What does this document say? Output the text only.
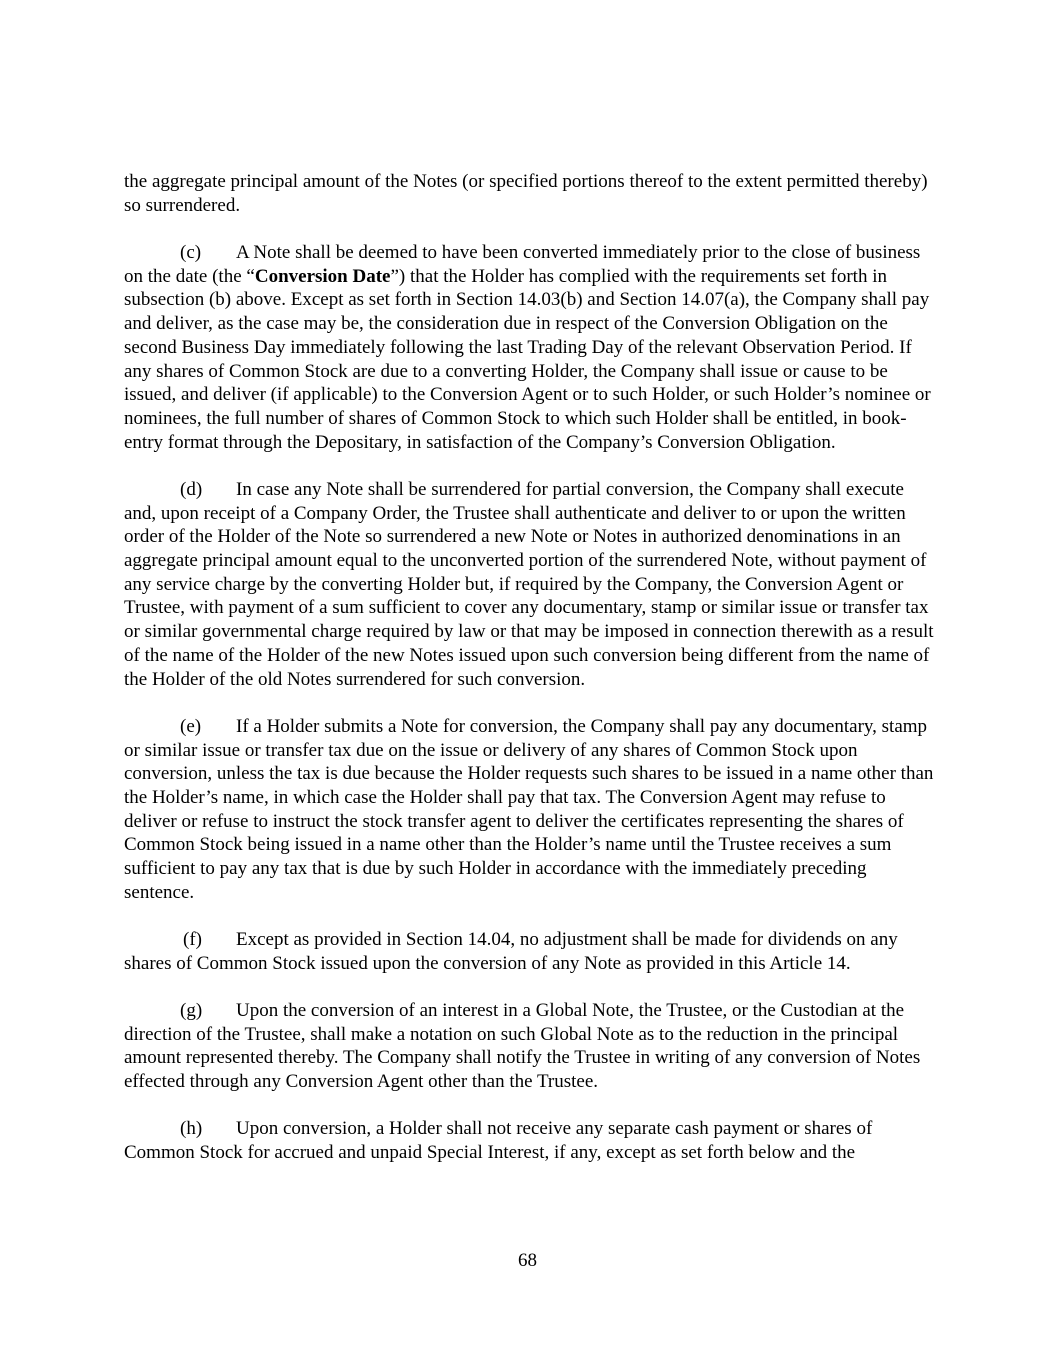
the aggregate principal amount of the Notes (or specified portions thereof to the extent permitted thereby) so surrendered.

(c) A Note shall be deemed to have been converted immediately prior to the close of business on the date (the “Conversion Date”) that the Holder has complied with the requirements set forth in subsection (b) above. Except as set forth in Section 14.03(b) and Section 14.07(a), the Company shall pay and deliver, as the case may be, the consideration due in respect of the Conversion Obligation on the second Business Day immediately following the last Trading Day of the relevant Observation Period. If any shares of Common Stock are due to a converting Holder, the Company shall issue or cause to be issued, and deliver (if applicable) to the Conversion Agent or to such Holder, or such Holder’s nominee or nominees, the full number of shares of Common Stock to which such Holder shall be entitled, in book-entry format through the Depositary, in satisfaction of the Company’s Conversion Obligation.

(d) In case any Note shall be surrendered for partial conversion, the Company shall execute and, upon receipt of a Company Order, the Trustee shall authenticate and deliver to or upon the written order of the Holder of the Note so surrendered a new Note or Notes in authorized denominations in an aggregate principal amount equal to the unconverted portion of the surrendered Note, without payment of any service charge by the converting Holder but, if required by the Company, the Conversion Agent or Trustee, with payment of a sum sufficient to cover any documentary, stamp or similar issue or transfer tax or similar governmental charge required by law or that may be imposed in connection therewith as a result of the name of the Holder of the new Notes issued upon such conversion being different from the name of the Holder of the old Notes surrendered for such conversion.

(e) If a Holder submits a Note for conversion, the Company shall pay any documentary, stamp or similar issue or transfer tax due on the issue or delivery of any shares of Common Stock upon conversion, unless the tax is due because the Holder requests such shares to be issued in a name other than the Holder’s name, in which case the Holder shall pay that tax. The Conversion Agent may refuse to deliver or refuse to instruct the stock transfer agent to deliver the certificates representing the shares of Common Stock being issued in a name other than the Holder’s name until the Trustee receives a sum sufficient to pay any tax that is due by such Holder in accordance with the immediately preceding sentence.

(f) Except as provided in Section 14.04, no adjustment shall be made for dividends on any shares of Common Stock issued upon the conversion of any Note as provided in this Article 14.

(g) Upon the conversion of an interest in a Global Note, the Trustee, or the Custodian at the direction of the Trustee, shall make a notation on such Global Note as to the reduction in the principal amount represented thereby. The Company shall notify the Trustee in writing of any conversion of Notes effected through any Conversion Agent other than the Trustee.

(h) Upon conversion, a Holder shall not receive any separate cash payment or shares of Common Stock for accrued and unpaid Special Interest, if any, except as set forth below and the

68
